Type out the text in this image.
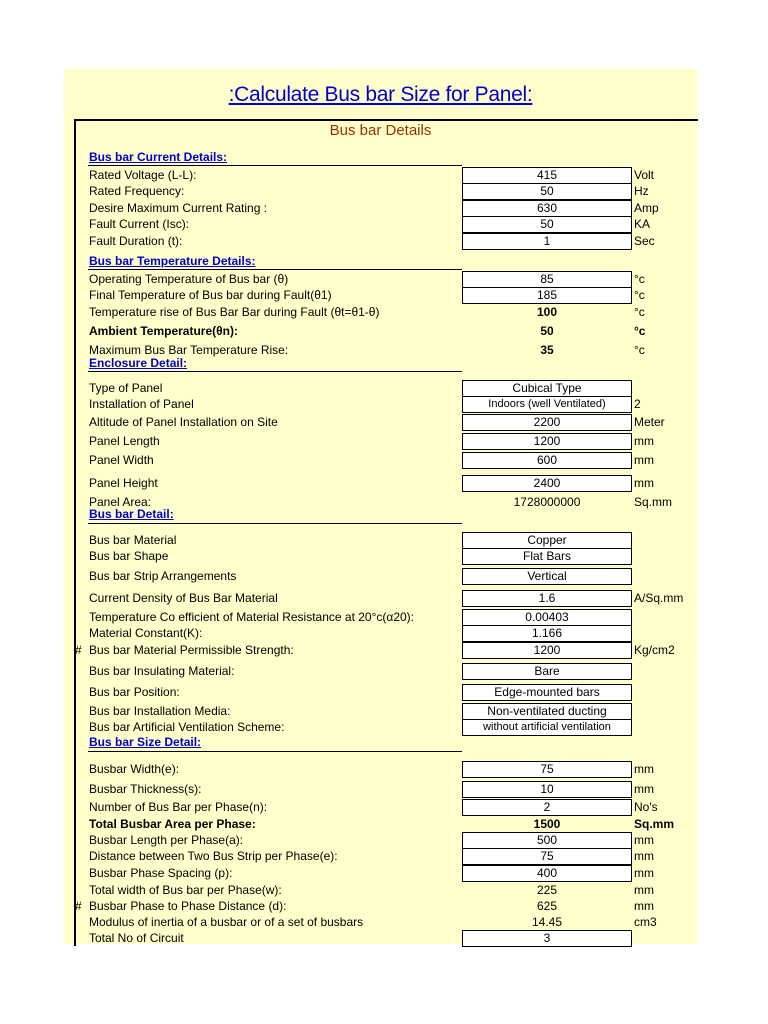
:Calculate Bus bar Size for Panel:
Bus bar Details
Bus bar Current Details:
Rated Voltage (L-L):	415	Volt
Rated Frequency:	50	Hz
Desire Maximum Current Rating :	630	Amp
Fault Current (Isc):	50	KA
Fault Duration (t):	1	Sec
Bus bar Temperature Details:
Operating Temperature of Bus bar (θ)	85	°c
Final Temperature of Bus bar during Fault(θ1)	185	°c
Temperature rise of Bus Bar Bar during Fault (θt=θ1-θ)	100	°c
Ambient Temperature(θn):	50	°c
Maximum Bus Bar Temperature Rise:	35	°c
Enclosure Detail:
Type of Panel	Cubical Type
Installation of Panel	Indoors (well Ventilated)	2
Altitude of Panel Installation on Site	2200	Meter
Panel Length	1200	mm
Panel Width	600	mm
Panel Height	2400	mm
Panel Area:	1728000000	Sq.mm
Bus bar Detail:
Bus bar Material	Copper
Bus bar Shape	Flat Bars
Bus bar Strip Arrangements	Vertical
Current Density of Bus Bar Material	1.6	A/Sq.mm
Temperature Co efficient of Material Resistance at 20°c(α20):	0.00403
Material Constant(K):	1.166
# Bus bar Material Permissible Strength:	1200	Kg/cm2
Bus bar Insulating Material:	Bare
Bus bar Position:	Edge-mounted bars
Bus bar Installation Media:	Non-ventilated ducting
Bus bar Artificial Ventilation Scheme:	without artificial ventilation
Bus bar Size Detail:
Busbar Width(e):	75	mm
Busbar Thickness(s):	10	mm
Number of Bus Bar per Phase(n):	2	No's
Total Busbar Area per Phase:	1500	Sq.mm
Busbar Length per Phase(a):	500	mm
Distance between Two Bus Strip per Phase(e):	75	mm
Busbar Phase Spacing (p):	400	mm
Total width of Bus bar per Phase(w):	225	mm
# Busbar Phase to Phase Distance (d):	625	mm
Modulus of inertia of a busbar or of a set of busbars	14.45	cm3
Total No of Circuit	3
